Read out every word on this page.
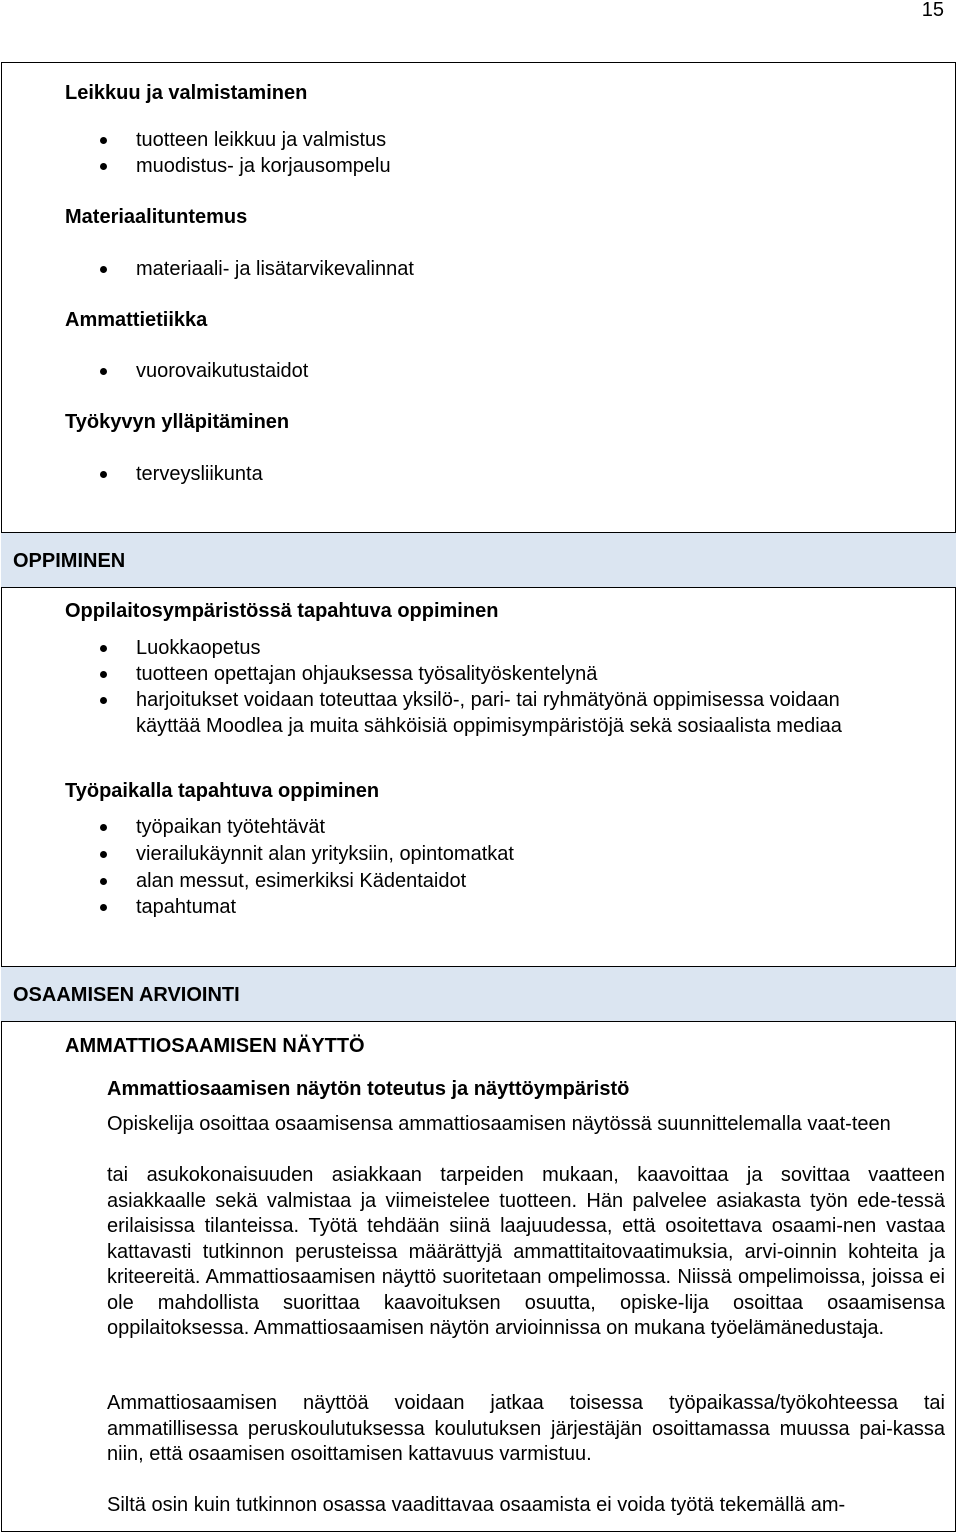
15
Leikkuu ja valmistaminen
tuotteen leikkuu ja valmistus
muodistus- ja korjausompelu
Materiaalituntemus
materiaali- ja lisätarvikevalinnat
Ammattietiikka
vuorovaikutustaidot
Työkyvyn ylläpitäminen
terveysliikunta
OPPIMINEN
Oppilaitosympäristössä tapahtuva oppiminen
Luokkaopetus
tuotteen opettajan ohjauksessa työsalityöskentelynä
harjoitukset voidaan toteuttaa yksilö-, pari- tai ryhmätyönä oppimisessa voidaan
käyttää Moodlea ja muita sähköisiä oppimisympäristöjä sekä sosiaalista mediaa
Työpaikalla tapahtuva oppiminen
työpaikan työtehtävät
vierailukäynnit alan yrityksiin, opintomatkat
alan messut, esimerkiksi Kädentaidot
tapahtumat
OSAAMISEN ARVIOINTI
AMMATTIOSAAMISEN NÄYTTÖ
Ammattiosaamisen näytön toteutus ja näyttöympäristö
Opiskelija osoittaa osaamisensa ammattiosaamisen näytössä suunnittelemalla vaat-teen
tai asukokonaisuuden asiakkaan tarpeiden mukaan, kaavoittaa ja sovittaa vaatteen asiakkaalle sekä valmistaa ja viimeistelee tuotteen. Hän palvelee asiakasta työn ede-tessä erilaisissa tilanteissa. Työtä tehdään siinä laajuudessa, että osoitettava osaami-nen vastaa kattavasti tutkinnon perusteissa määrättyjä ammattitaitovaatimuksia, arvi-oinnin kohteita ja kriteereitä. Ammattiosaamisen näyttö suoritetaan ompelimossa. Niissä ompelimoissa, joissa ei ole mahdollista suorittaa kaavoituksen osuutta, opiske-lija osoittaa osaamisensa oppilaitoksessa. Ammattiosaamisen näytön arvioinnissa on mukana työelämänedustaja.
Ammattiosaamisen näyttöä voidaan jatkaa toisessa työpaikassa/työkohteessa tai ammatillisessa peruskoulutuksessa koulutuksen järjestäjän osoittamassa muussa pai-kassa niin, että osaamisen osoittamisen kattavuus varmistuu.
Siltä osin kuin tutkinnon osassa vaadittavaa osaamista ei voida työtä tekemällä am-
